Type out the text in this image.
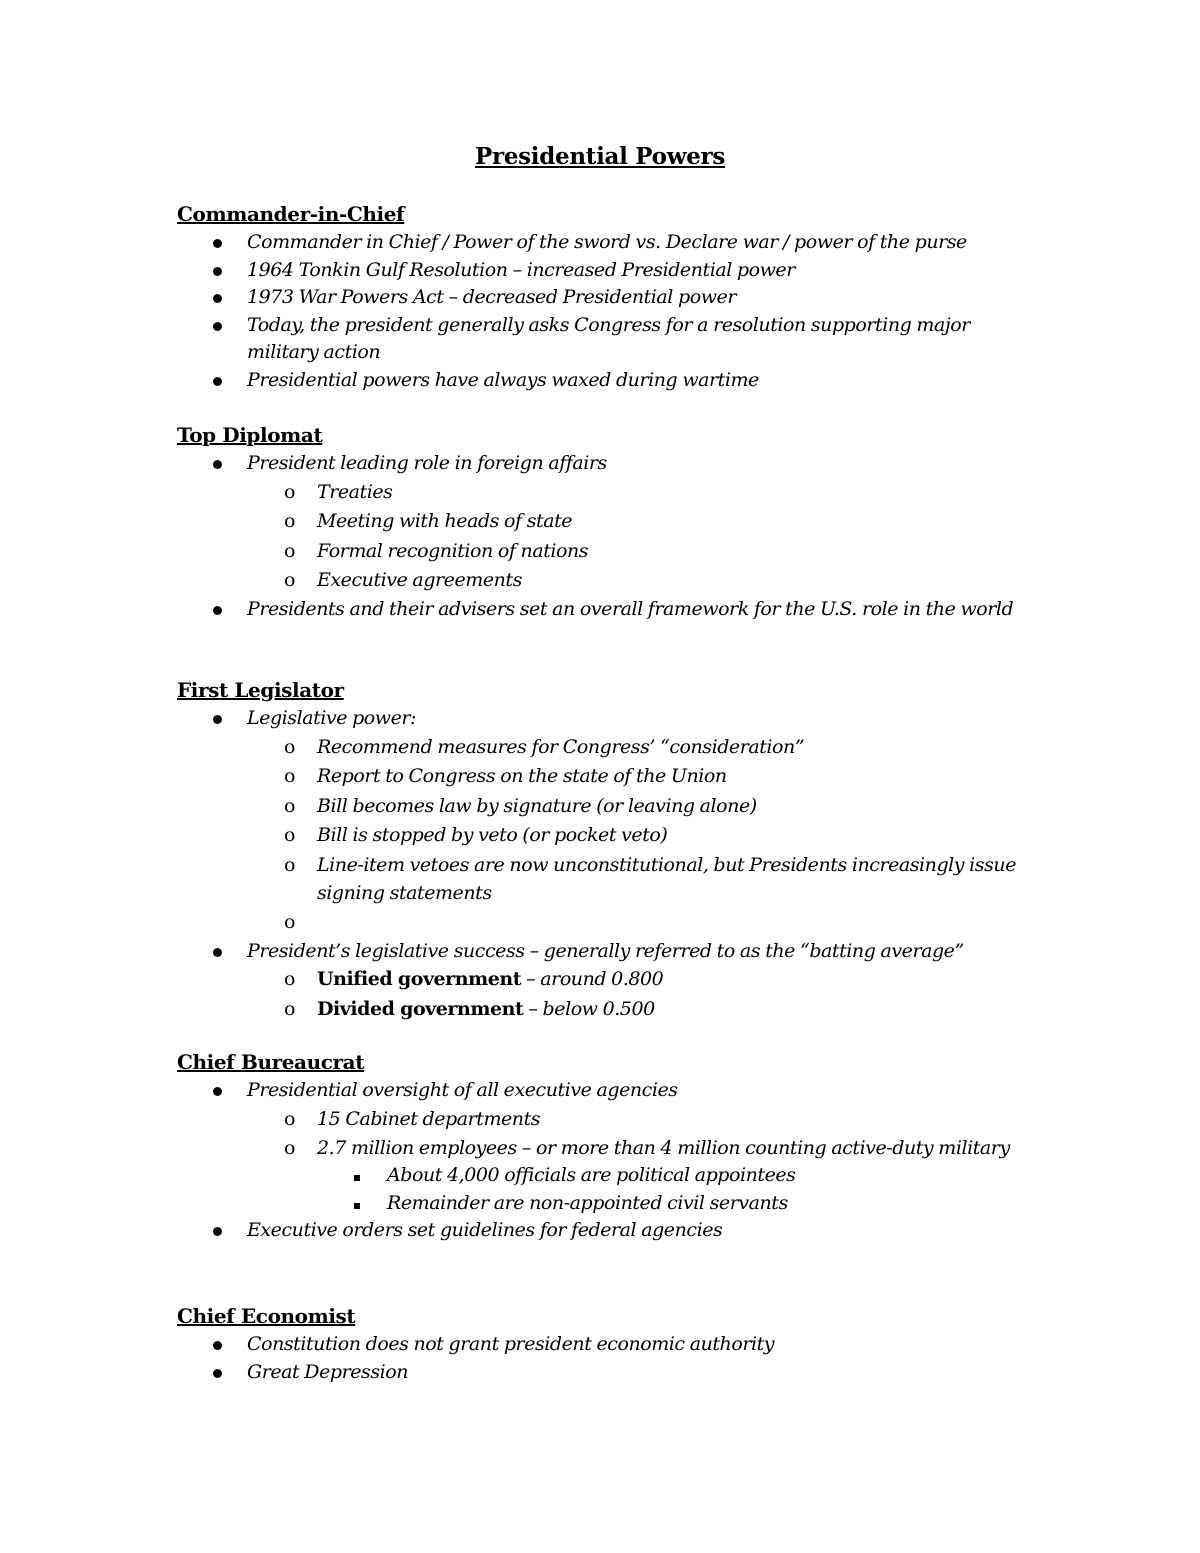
Presidential Powers
Commander-in-Chief
Commander in Chief / Power of the sword vs. Declare war / power of the purse
1964 Tonkin Gulf Resolution – increased Presidential power
1973 War Powers Act – decreased Presidential power
Today, the president generally asks Congress for a resolution supporting major military action
Presidential powers have always waxed during wartime
Top Diplomat
President leading role in foreign affairs
o Treaties
o Meeting with heads of state
o Formal recognition of nations
o Executive agreements
Presidents and their advisers set an overall framework for the U.S. role in the world
First Legislator
Legislative power:
o Recommend measures for Congress’ “consideration”
o Report to Congress on the state of the Union
o Bill becomes law by signature (or leaving alone)
o Bill is stopped by veto (or pocket veto)
o Line-item vetoes are now unconstitutional, but Presidents increasingly issue signing statements
o
President’s legislative success – generally referred to as the “batting average”
o Unified government – around 0.800
o Divided government – below 0.500
Chief Bureaucrat
Presidential oversight of all executive agencies
o 15 Cabinet departments
o 2.7 million employees – or more than 4 million counting active-duty military
About 4,000 officials are political appointees
Remainder are non-appointed civil servants
Executive orders set guidelines for federal agencies
Chief Economist
Constitution does not grant president economic authority
Great Depression
